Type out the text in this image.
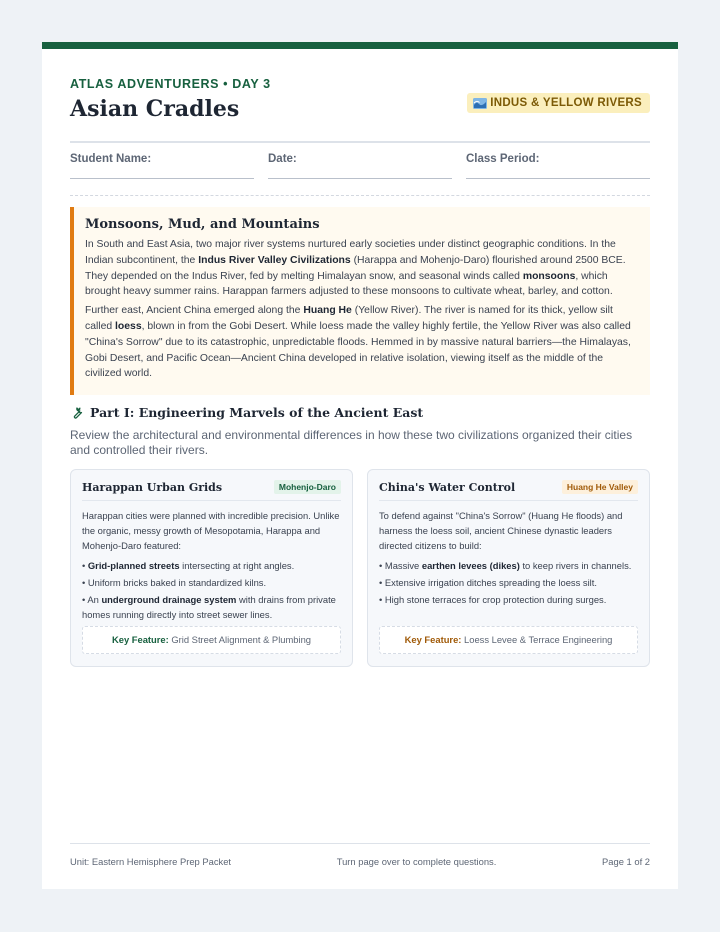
ATLAS ADVENTURERS • DAY 3
Asian Cradles	INDUS & YELLOW RIVERS
Student Name:	Date:	Class Period:
Monsoons, Mud, and Mountains

In South and East Asia, two major river systems nurtured early societies under distinct geographic conditions. In the Indian subcontinent, the Indus River Valley Civilizations (Harappa and Mohenjo-Daro) flourished around 2500 BCE. They depended on the Indus River, fed by melting Himalayan snow, and seasonal winds called monsoons, which brought heavy summer rains. Harappan farmers adjusted to these monsoons to cultivate wheat, barley, and cotton.

Further east, Ancient China emerged along the Huang He (Yellow River). The river is named for its thick, yellow silt called loess, blown in from the Gobi Desert. While loess made the valley highly fertile, the Yellow River was also called "China's Sorrow" due to its catastrophic, unpredictable floods. Hemmed in by massive natural barriers—the Himalayas, Gobi Desert, and Pacific Ocean—Ancient China developed in relative isolation, viewing itself as the middle of the civilized world.

Part I: Engineering Marvels of the Ancient East
Review the architectural and environmental differences in how these two civilizations organized their cities and controlled their rivers.
Harappan Urban Grids	Mohenjo-Daro
Harappan cities were planned with incredible precision. Unlike the organic, messy growth of Mesopotamia, Harappa and Mohenjo-Daro featured:
• Grid-planned streets intersecting at right angles.
• Uniform bricks baked in standardized kilns.
• An underground drainage system with drains from private homes running directly into street sewer lines.
Key Feature: Grid Street Alignment & Plumbing
China's Water Control	Huang He Valley
To defend against "China's Sorrow" (Huang He floods) and harness the loess soil, ancient Chinese dynastic leaders directed citizens to build:
• Massive earthen levees (dikes) to keep rivers in channels.
• Extensive irrigation ditches spreading the loess silt.
• High stone terraces for crop protection during surges.
Key Feature: Loess Levee & Terrace Engineering
Unit: Eastern Hemisphere Prep Packet	Turn page over to complete questions.	Page 1 of 2
